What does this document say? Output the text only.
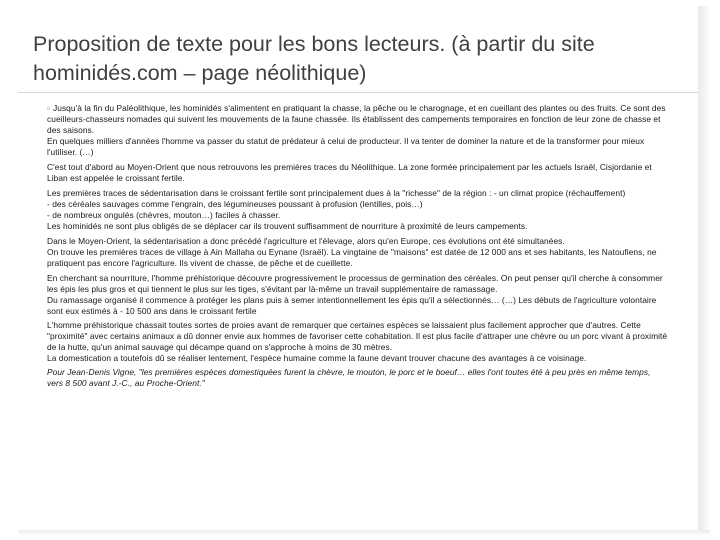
Proposition de texte pour les bons lecteurs. (à partir du site
hominidés.com – page néolithique)

▫ Jusqu'à la fin du Paléolithique, les hominidés s'alimentent en pratiquant la chasse, la pêche ou le charognage, et en cueillant des plantes ou des fruits. Ce sont des cueilleurs-chasseurs nomades qui suivent les mouvements de la faune chassée. Ils établissent des campements temporaires en fonction de leur zone de chasse et des saisons.
En quelques milliers d'années l'homme va passer du statut de prédateur à celui de producteur. Il va tenter de dominer la nature et de la transformer pour mieux l'utiliser. (…)

C'est tout d'abord au Moyen-Orient que nous retrouvons les premières traces du Néolithique. La zone formée principalement par les actuels Israël, Cisjordanie et Liban est appelée le croissant fertile.

Les premières traces de sédentarisation dans le croissant fertile sont principalement dues à la "richesse" de la région : - un climat propice (réchauffement)
- des céréales sauvages comme l'engrain, des légumineuses poussant à profusion (lentilles, pois…)
- de nombreux ongulés (chèvres, mouton…) faciles à chasser.
Les hominidés ne sont plus obligés de se déplacer car ils trouvent suffisamment de nourriture à proximité de leurs campements.

Dans le Moyen-Orient, la sédentarisation a donc précédé l'agriculture et l'élevage, alors qu'en Europe, ces évolutions ont été simultanées.
On trouve les premières traces de village à Ain Mallaha ou Eynane (Israël). La vingtaine de "maisons" est datée de 12 000 ans et ses habitants, les Natoufiens, ne pratiquent pas encore l'agriculture. Ils vivent de chasse, de pêche et de cueillette.

En cherchant sa nourriture, l'homme préhistorique découvre progressivement le processus de germination des céréales. On peut penser qu'il cherche à consommer les épis les plus gros et qui tiennent le plus sur les tiges, s'évitant par là-même un travail supplémentaire de ramassage.
Du ramassage organisé il commence à protéger les plans puis à semer intentionnellement les épis qu'il a sélectionnés… (…) Les débuts de l'agriculture volontaire sont eux estimés à - 10 500 ans dans le croissant fertile

L'homme préhistorique chassait toutes sortes de proies avant de remarquer que certaines espèces se laissaient plus facilement approcher que d'autres. Cette "proximité" avec certains animaux a dû donner envie aux hommes de favoriser cette cohabitation. Il est plus facile d'attraper une chèvre ou un porc vivant à proximité de la hutte, qu'un animal sauvage qui décampe quand on s'approche à moins de 30 mètres.
La domestication a toutefois dû se réaliser lentement, l'espèce humaine comme la faune devant trouver chacune des avantages à ce voisinage.

Pour Jean-Denis Vigne, "les premières espèces domestiquées furent la chèvre, le mouton, le porc et le boeuf… elles l'ont toutes été à peu près en même temps, vers 8 500 avant J.-C., au Proche-Orient."
